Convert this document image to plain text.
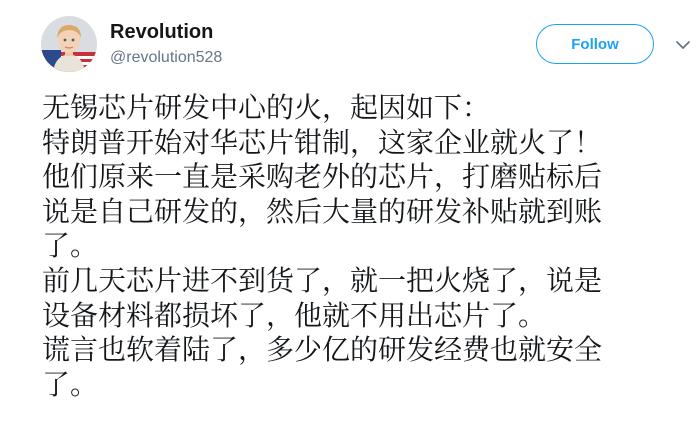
Revolution
@revolution528
Follow

无锡芯片研发中心的火，起因如下：
特朗普开始对华芯片钳制，这家企业就火了！
他们原来一直是采购老外的芯片，打磨贴标后
说是自己研发的，然后大量的研发补贴就到账
了。
前几天芯片进不到货了，就一把火烧了，说是
设备材料都损坏了，他就不用出芯片了。
谎言也软着陆了，多少亿的研发经费也就安全
了。
